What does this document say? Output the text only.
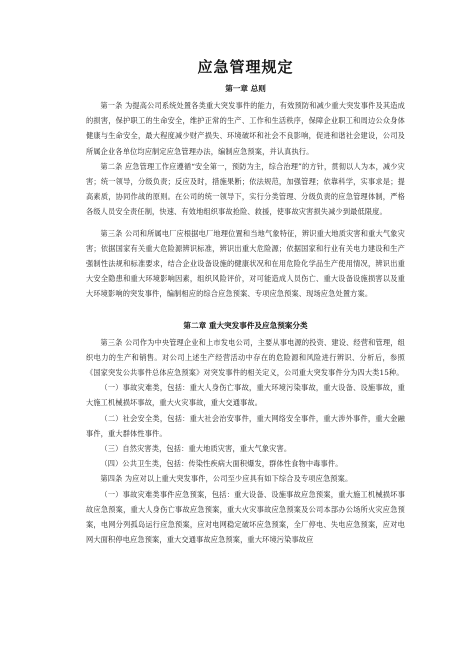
应急管理规定
第一章 总则

第一条 为提高公司系统处置各类重大突发事件的能力，有效预防和减少重大突发事件及其造成的损害，保护职工的生命安全，维护正常的生产、工作和生活秩序，保障企业职工和周边公众身体健康与生命安全，最大程度减少财产损失、环境破坏和社会不良影响，促进和谐社会建设，公司及所属企业各单位均应制定应急管理办法，编制应急预案，并认真执行。

第二条 应急管理工作应遵循“安全第一，预防为主，综合治理”的方针，贯彻以人为本，减少灾害；统一领导，分级负责；反应及时，措施果断；依法规范，加强管理；依靠科学，实事求是；提高素质，协同作战的原则。在公司的统一领导下，实行分类管理、分级负责的应急管理体制，严格各级人员安全责任制，快速、有效地组织事故抢险、救援，使事故灾害损失减少到最低限度。

第三条 公司和所属电厂应根据电厂地理位置和当地气象特征，辨识重大地质灾害和重大气象灾害；依据国家有关重大危险源辨识标准，辨识出重大危险源；依据国家和行业有关电力建设和生产强制性法规和标准要求，结合企业设备设施的健康状况和在用危险化学品生产使用情况，辨识出重大安全隐患和重大环境影响因素，组织风险评价，对可能造成人员伤亡、重大设备设施损害以及重大环境影响的突发事件，编制相应的综合应急预案、专项应急预案、现场应急处置方案。

第二章 重大突发事件及应急预案分类

第三条 公司作为中央管理企业和上市发电公司，主要从事电源的投资、建设、经营和管理，组织电力的生产和销售。对公司上述生产经营活动中存在的危险源和风险进行辨识、分析后，参照《国家突发公共事件总体应急预案》对突发事件的相关定义，公司重大突发事件分为四大类15种。

（一）事故灾难类，包括：重大人身伤亡事故，重大环境污染事故，重大设备、设施事故，重大施工机械损坏事故，重大火灾事故，重大交通事故。

（二）社会安全类，包括：重大社会治安事件，重大网络安全事件，重大涉外事件，重大金融事件，重大群体性事件。

（三）自然灾害类，包括：重大地质灾害，重大气象灾害。

（四）公共卫生类，包括：传染性疾病大面积爆发，群体性食物中毒事件。

第四条 为应对以上重大突发事件，公司至少应具有如下综合及专项应急预案。

（一）事故灾难类事件应急预案，包括：重大设备、设施事故应急预案，重大施工机械损坏事故应急预案，重大人身伤亡事故应急预案，重大火灾事故应急预案及公司本部办公场所火灾应急预案，电网分列孤岛运行应急预案，应对电网稳定破坏应急预案，全厂停电、失电应急预案，应对电网大面积停电应急预案，重大交通事故应急预案，重大环境污染事故应
